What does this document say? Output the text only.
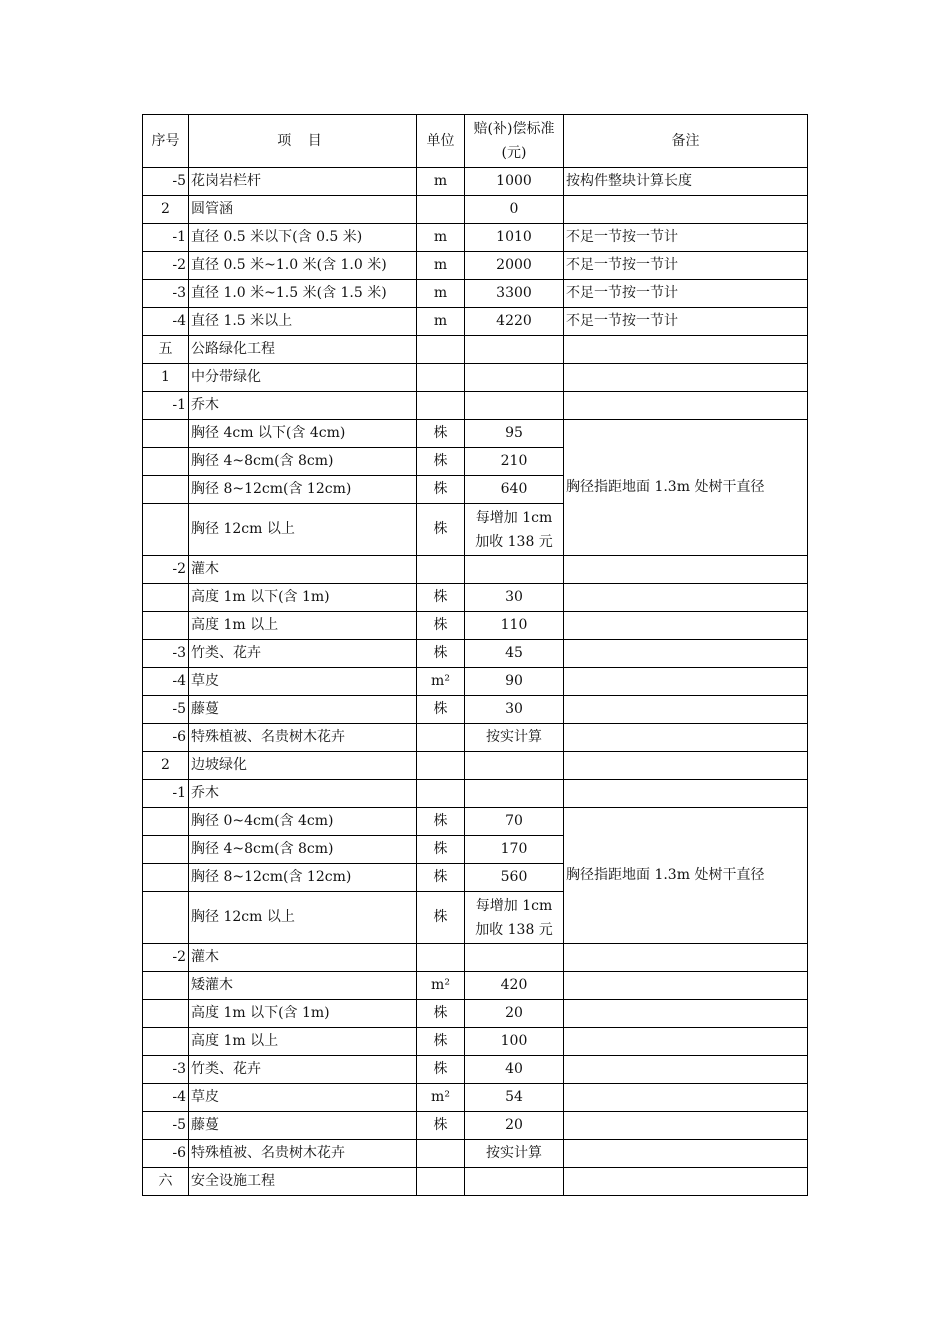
序号	项 目	单位	赔(补)偿标准(元)	备注
-5	花岗岩栏杆	m	1000	按构件整块计算长度
2	圆管涵		0	
-1	直径 0.5 米以下(含 0.5 米)	m	1010	不足一节按一节计
-2	直径 0.5 米~1.0 米(含 1.0 米)	m	2000	不足一节按一节计
-3	直径 1.0 米~1.5 米(含 1.5 米)	m	3300	不足一节按一节计
-4	直径 1.5 米以上	m	4220	不足一节按一节计
五	公路绿化工程			
1	中分带绿化			
-1	乔木			
	胸径 4cm 以下(含 4cm)	株	95	胸径指距地面 1.3m 处树干直径
	胸径 4~8cm(含 8cm)	株	210	
	胸径 8~12cm(含 12cm)	株	640	
	胸径 12cm 以上	株	每增加 1cm 加收 138 元	
-2	灌木			
	高度 1m 以下(含 1m)	株	30	
	高度 1m 以上	株	110	
-3	竹类、花卉	株	45	
-4	草皮	m²	90	
-5	藤蔓	株	30	
-6	特殊植被、名贵树木花卉		按实计算	
2	边坡绿化			
-1	乔木			
	胸径 0~4cm(含 4cm)	株	70	胸径指距地面 1.3m 处树干直径
	胸径 4~8cm(含 8cm)	株	170	
	胸径 8~12cm(含 12cm)	株	560	
	胸径 12cm 以上	株	每增加 1cm 加收 138 元	
-2	灌木			
	矮灌木	m²	420	
	高度 1m 以下(含 1m)	株	20	
	高度 1m 以上	株	100	
-3	竹类、花卉	株	40	
-4	草皮	m²	54	
-5	藤蔓	株	20	
-6	特殊植被、名贵树木花卉		按实计算	
六	安全设施工程			
